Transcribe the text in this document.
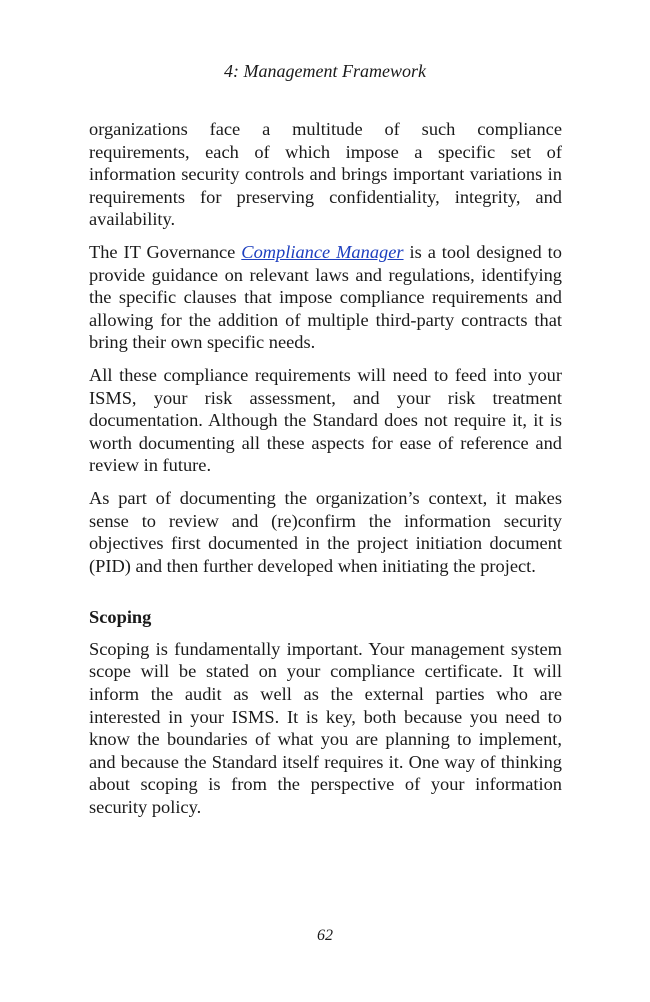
4: Management Framework

organizations face a multitude of such compliance requirements, each of which impose a specific set of information security controls and brings important variations in requirements for preserving confidentiality, integrity, and availability.

The IT Governance Compliance Manager is a tool designed to provide guidance on relevant laws and regulations, identifying the specific clauses that impose compliance requirements and allowing for the addition of multiple third-party contracts that bring their own specific needs.

All these compliance requirements will need to feed into your ISMS, your risk assessment, and your risk treatment documentation. Although the Standard does not require it, it is worth documenting all these aspects for ease of reference and review in future.

As part of documenting the organization’s context, it makes sense to review and (re)confirm the information security objectives first documented in the project initiation document (PID) and then further developed when initiating the project.

Scoping

Scoping is fundamentally important. Your management system scope will be stated on your compliance certificate. It will inform the audit as well as the external parties who are interested in your ISMS. It is key, both because you need to know the boundaries of what you are planning to implement, and because the Standard itself requires it. One way of thinking about scoping is from the perspective of your information security policy.

62
